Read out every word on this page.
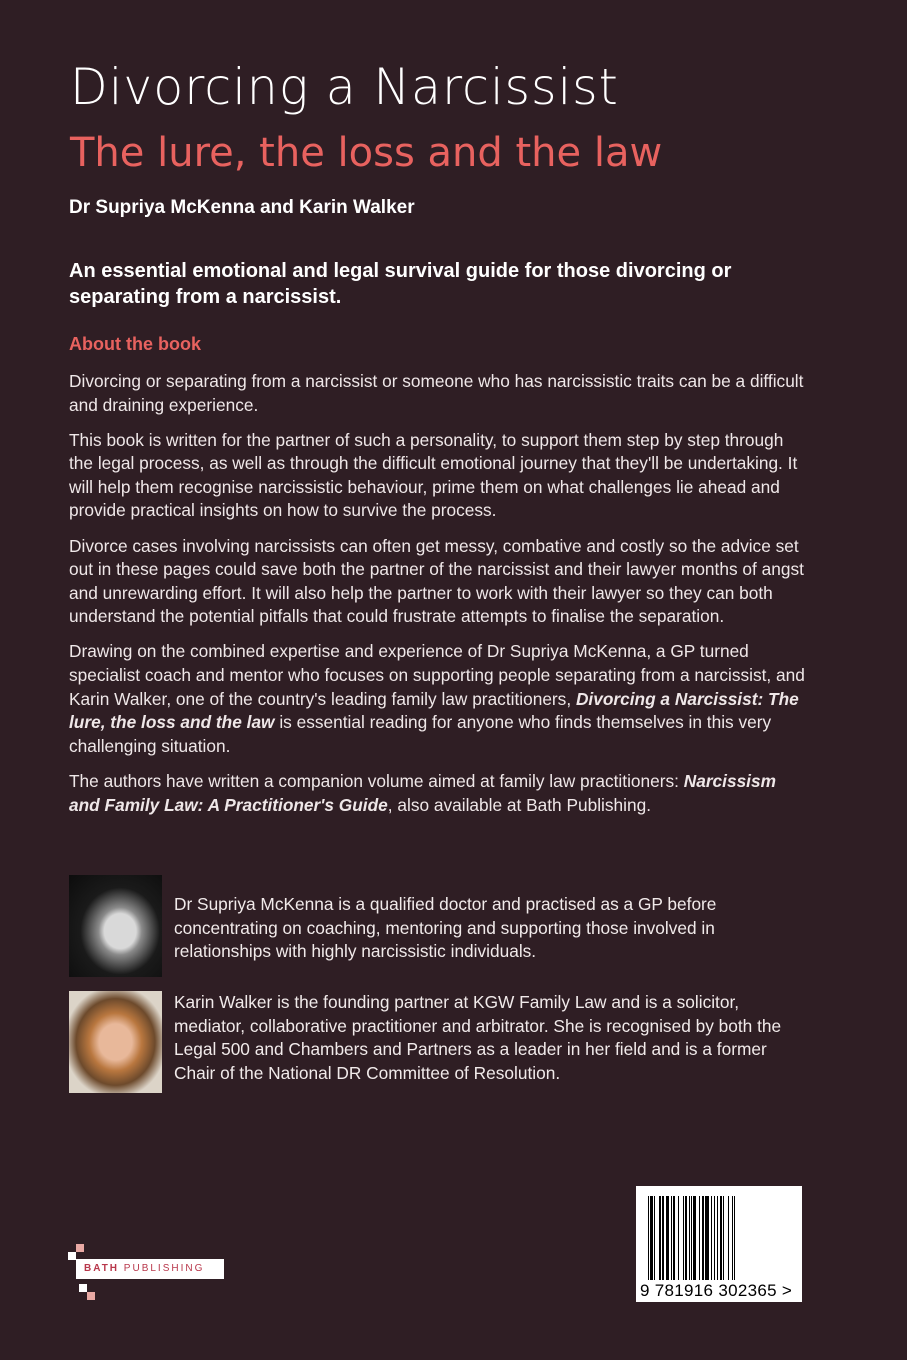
Divorcing a Narcissist
The lure, the loss and the law
Dr Supriya McKenna and Karin Walker
An essential emotional and legal survival guide for those divorcing or separating from a narcissist.
About the book

Divorcing or separating from a narcissist or someone who has narcissistic traits can be a difficult and draining experience.

This book is written for the partner of such a personality, to support them step by step through the legal process, as well as through the difficult emotional journey that they'll be undertaking. It will help them recognise narcissistic behaviour, prime them on what challenges lie ahead and provide practical insights on how to survive the process.

Divorce cases involving narcissists can often get messy, combative and costly so the advice set out in these pages could save both the partner of the narcissist and their lawyer months of angst and unrewarding effort. It will also help the partner to work with their lawyer so they can both understand the potential pitfalls that could frustrate attempts to finalise the separation.

Drawing on the combined expertise and experience of Dr Supriya McKenna, a GP turned specialist coach and mentor who focuses on supporting people separating from a narcissist, and Karin Walker, one of the country's leading family law practitioners, Divorcing a Narcissist: The lure, the loss and the law is essential reading for anyone who finds themselves in this very challenging situation.

The authors have written a companion volume aimed at family law practitioners: Narcissism and Family Law: A Practitioner's Guide, also available at Bath Publishing.

Dr Supriya McKenna is a qualified doctor and practised as a GP before concentrating on coaching, mentoring and supporting those involved in relationships with highly narcissistic individuals.
Karin Walker is the founding partner at KGW Family Law and is a solicitor, mediator, collaborative practitioner and arbitrator. She is recognised by both the Legal 500 and Chambers and Partners as a leader in her field and is a former Chair of the National DR Committee of Resolution.
BATH PUBLISHING
9 781916 302365 >
